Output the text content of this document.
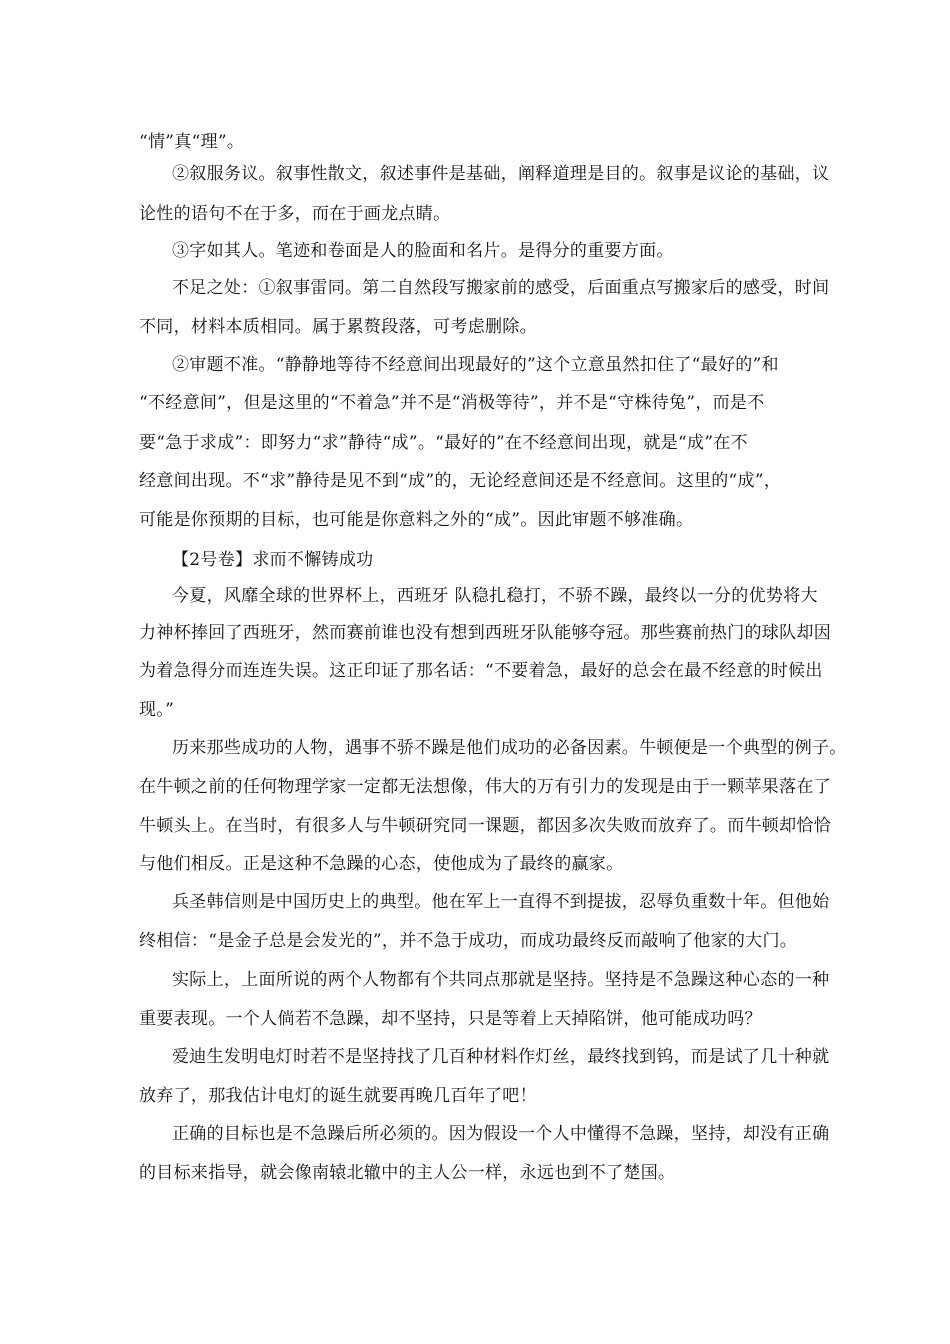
“情”真“理”。
②叙服务议。叙事性散文，叙述事件是基础，阐释道理是目的。叙事是议论的基础，议
论性的语句不在于多，而在于画龙点睛。
③字如其人。笔迹和卷面是人的脸面和名片。是得分的重要方面。
不足之处：①叙事雷同。第二自然段写搬家前的感受，后面重点写搬家后的感受，时间
不同，材料本质相同。属于累赘段落，可考虑删除。
②审题不准。“静静地等待不经意间出现最好的”这个立意虽然扣住了“最好的”和
“不经意间”，但是这里的“不着急”并不是“消极等待”，并不是“守株待兔”，而是不
要“急于求成”：即努力“求”静待“成”。“最好的”在不经意间出现，就是“成”在不
经意间出现。不“求”静待是见不到“成”的，无论经意间还是不经意间。这里的“成”，
可能是你预期的目标，也可能是你意料之外的“成”。因此审题不够准确。
【2号卷】求而不懈铸成功
今夏，风靡全球的世界杯上，西班牙 队稳扎稳打，不骄不躁，最终以一分的优势将大
力神杯捧回了西班牙，然而赛前谁也没有想到西班牙队能够夺冠。那些赛前热门的球队却因
为着急得分而连连失误。这正印证了那名话：“不要着急，最好的总会在最不经意的时候出
现。”
历来那些成功的人物，遇事不骄不躁是他们成功的必备因素。牛顿便是一个典型的例子。
在牛顿之前的任何物理学家一定都无法想像，伟大的万有引力的发现是由于一颗苹果落在了
牛顿头上。在当时，有很多人与牛顿研究同一课题，都因多次失败而放弃了。而牛顿却恰恰
与他们相反。正是这种不急躁的心态，使他成为了最终的赢家。
兵圣韩信则是中国历史上的典型。他在军上一直得不到提拔，忍辱负重数十年。但他始
终相信：“是金子总是会发光的”，并不急于成功，而成功最终反而敲响了他家的大门。
实际上，上面所说的两个人物都有个共同点那就是坚持。坚持是不急躁这种心态的一种
重要表现。一个人倘若不急躁，却不坚持，只是等着上天掉陷饼，他可能成功吗？
爱迪生发明电灯时若不是坚持找了几百种材料作灯丝，最终找到钨，而是试了几十种就
放弃了，那我估计电灯的诞生就要再晚几百年了吧！
正确的目标也是不急躁后所必须的。因为假设一个人中懂得不急躁，坚持，却没有正确
的目标来指导，就会像南辕北辙中的主人公一样，永远也到不了楚国。
